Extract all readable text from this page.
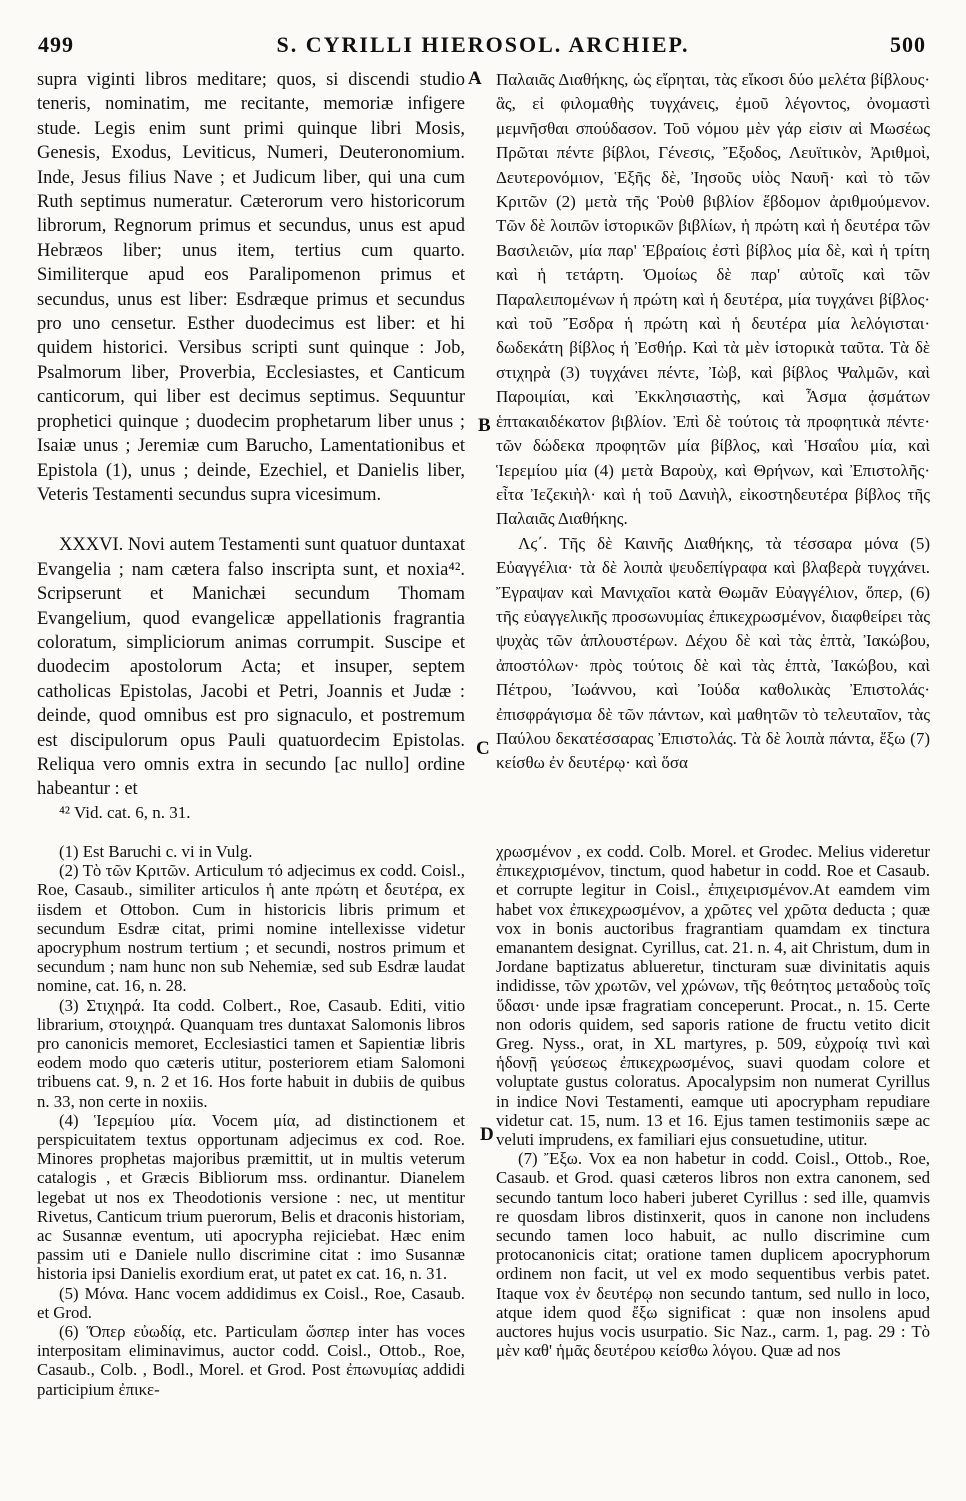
499	S. CYRILLI HIEROSOL. ARCHIEP.	500
A
B
C
D

supra viginti libros meditare; quos, si discendi studio teneris, nominatim, me recitante, memoriæ infigere stude. Legis enim sunt primi quinque libri Mosis, Genesis, Exodus, Leviticus, Numeri, Deuteronomium. Inde, Jesus filius Nave ; et Judicum liber, qui una cum Ruth septimus numeratur. Cæterorum vero historicorum librorum, Regnorum primus et secundus, unus est apud Hebræos liber; unus item, tertius cum quarto. Similiterque apud eos Paralipomenon primus et secundus, unus est liber: Esdræque primus et secundus pro uno censetur. Esther duodecimus est liber: et hi quidem historici. Versibus scripti sunt quinque : Job, Psalmorum liber, Proverbia, Ecclesiastes, et Canticum canticorum, qui liber est decimus septimus. Sequuntur prophetici quinque ; duodecim prophetarum liber unus ; Isaiæ unus ; Jeremiæ cum Barucho, Lamentationibus et Epistola (1), unus ; deinde, Ezechiel, et Danielis liber, Veteris Testamenti secundus supra vicesimum.

XXXVI. Novi autem Testamenti sunt quatuor duntaxat Evangelia ; nam cætera falso inscripta sunt, et noxia⁴². Scripserunt et Manichæi secundum Thomam Evangelium, quod evangelicæ appellationis fragrantia coloratum, simpliciorum animas corrumpit. Suscipe et duodecim apostolorum Acta; et insuper, septem catholicas Epistolas, Jacobi et Petri, Joannis et Judæ : deinde, quod omnibus est pro signaculo, et postremum est discipulorum opus Pauli quatuordecim Epistolas. Reliqua vero omnis extra in secundo [ac nullo] ordine habeantur : et

⁴² Vid. cat. 6, n. 31.

Παλαιᾶς Διαθήκης, ὡς εἴρηται, τὰς εἴκοσι δύο μελέτα βίβλους· ἃς, εἰ φιλομαθὴς τυγχάνεις, ἐμοῦ λέγοντος, ὀνομαστὶ μεμνῆσθαι σπούδασον. Τοῦ νόμου μὲν γάρ εἰσιν αἱ Μωσέως Πρῶται πέντε βίβλοι, Γένεσις, Ἔξοδος, Λευϊτικὸν, Ἀριθμοὶ, Δευτερονόμιον, Ἑξῆς δὲ, Ἰησοῦς υἱὸς Ναυῆ· καὶ τὸ τῶν Κριτῶν (2) μετὰ τῆς Ῥοὺθ βιβλίον ἕβδομον ἀριθμούμενον. Τῶν δὲ λοιπῶν ἱστορικῶν βιβλίων, ἡ πρώτη καὶ ἡ δευτέρα τῶν Βασιλειῶν, μία παρ' Ἑβραίοις ἐστὶ βίβλος μία δὲ, καὶ ἡ τρίτη καὶ ἡ τετάρτη. Ὁμοίως δὲ παρ' αὐτοῖς καὶ τῶν Παραλειπομένων ἡ πρώτη καὶ ἡ δευτέρα, μία τυγχάνει βίβλος· καὶ τοῦ Ἔσδρα ἡ πρώτη καὶ ἡ δευτέρα μία λελόγισται· δωδεκάτη βίβλος ἡ Ἐσθήρ. Καὶ τὰ μὲν ἱστορικὰ ταῦτα. Τὰ δὲ στιχηρὰ (3) τυγχάνει πέντε, Ἰὼβ, καὶ βίβλος Ψαλμῶν, καὶ Παροιμίαι, καὶ Ἐκκλησιαστὴς, καὶ Ἆσμα ᾀσμάτων ἑπτακαιδέκατον βιβλίον. Ἐπὶ δὲ τούτοις τὰ προφητικὰ πέντε· τῶν δώδεκα προφητῶν μία βίβλος, καὶ Ἡσαΐου μία, καὶ Ἱερεμίου μία (4) μετὰ Βαροὺχ, καὶ Θρήνων, καὶ Ἐπιστολῆς· εἶτα Ἰεζεκιὴλ· καὶ ἡ τοῦ Δανιὴλ, εἰκοστηδευτέρα βίβλος τῆς Παλαιᾶς Διαθήκης.

Λϛ΄. Τῆς δὲ Καινῆς Διαθήκης, τὰ τέσσαρα μόνα (5) Εὐαγγέλια· τὰ δὲ λοιπὰ ψευδεπίγραφα καὶ βλαβερὰ τυγχάνει. Ἔγραψαν καὶ Μανιχαῖοι κατὰ Θωμᾶν Εὐαγγέλιον, ὅπερ, (6) τῆς εὐαγγελικῆς προσωνυμίας ἐπικεχρωσμένον, διαφθείρει τὰς ψυχὰς τῶν ἁπλουστέρων. Δέχου δὲ καὶ τὰς ἑπτὰ, Ἰακώβου, ἀποστόλων· πρὸς τούτοις δὲ καὶ τὰς ἑπτὰ, Ἰακώβου, καὶ Πέτρου, Ἰωάννου, καὶ Ἰούδα καθολικὰς Ἐπιστολάς· ἐπισφράγισμα δὲ τῶν πάντων, καὶ μαθητῶν τὸ τελευταῖον, τὰς Παύλου δεκατέσσαρας Ἐπιστολάς. Τὰ δὲ λοιπὰ πάντα, ἔξω (7) κείσθω ἐν δευτέρῳ· καὶ ὅσα

(1) Est Baruchi c. vi in Vulg.

(2) Τὸ τῶν Κριτῶν. Articulum τό adjecimus ex codd. Coisl., Roe, Casaub., similiter articulos ἡ ante πρώτη et δευτέρα, ex iisdem et Ottobon. Cum in historicis libris primum et secundum Esdræ citat, primi nomine intellexisse videtur apocryphum nostrum tertium ; et secundi, nostros primum et secundum ; nam hunc non sub Nehemiæ, sed sub Esdræ laudat nomine, cat. 16, n. 28.

(3) Στιχηρά. Ita codd. Colbert., Roe, Casaub. Editi, vitio librarium, στοιχηρά. Quanquam tres duntaxat Salomonis libros pro canonicis memoret, Ecclesiastici tamen et Sapientiæ libris eodem modo quo cæteris utitur, posteriorem etiam Salomoni tribuens cat. 9, n. 2 et 16. Hos forte habuit in dubiis de quibus n. 33, non certe in noxiis.

(4) Ἱερεμίου μία. Vocem μία, ad distinctionem et perspicuitatem textus opportunam adjecimus ex cod. Roe. Minores prophetas majoribus præmittit, ut in multis veterum catalogis , et Græcis Bibliorum mss. ordinantur. Dianelem legebat ut nos ex Theodotionis versione : nec, ut mentitur Rivetus, Canticum trium puerorum, Belis et draconis historiam, ac Susannæ eventum, uti apocrypha rejiciebat. Hæc enim passim uti e Daniele nullo discrimine citat : imo Susannæ historia ipsi Danielis exordium erat, ut patet ex cat. 16, n. 31.

(5) Μόνα. Hanc vocem addidimus ex Coisl., Roe, Casaub. et Grod.

(6) Ὅπερ εὐωδίᾳ, etc. Particulam ὥσπερ inter has voces interpositam eliminavimus, auctor codd. Coisl., Ottob., Roe, Casaub., Colb. , Bodl., Morel. et Grod. Post ἐπωνυμίας addidi participium ἐπικε-

χρωσμένον , ex codd. Colb. Morel. et Grodec. Melius videretur ἐπικεχρισμένον, tinctum, quod habetur in codd. Roe et Casaub. et corrupte legitur in Coisl., ἐπιχειρισμένον.At eamdem vim habet vox ἐπικεχρωσμένον, a χρῶτες vel χρῶτα deducta ; quæ vox in bonis auctoribus fragrantiam quamdam ex tinctura emanantem designat. Cyrillus, cat. 21. n. 4, ait Christum, dum in Jordane baptizatus ablueretur, tincturam suæ divinitatis aquis indidisse, τῶν χρωτῶν, vel χρώνων, τῆς θεότητος μεταδοὺς τοῖς ὕδασι· unde ipsæ fragratiam conceperunt. Procat., n. 15. Certe non odoris quidem, sed saporis ratione de fructu vetito dicit Greg. Nyss., orat, in XL martyres, p. 509, εὐχροίᾳ τινὶ καὶ ἡδονῇ γεύσεως ἐπικεχρωσμένος, suavi quodam colore et voluptate gustus coloratus. Apocalypsim non numerat Cyrillus in indice Novi Testamenti, eamque uti apocrypham repudiare videtur cat. 15, num. 13 et 16. Ejus tamen testimoniis sæpe ac veluti imprudens, ex familiari ejus consuetudine, utitur.

(7) Ἔξω. Vox ea non habetur in codd. Coisl., Ottob., Roe, Casaub. et Grod. quasi cæteros libros non extra canonem, sed secundo tantum loco haberi juberet Cyrillus : sed ille, quamvis re quosdam libros distinxerit, quos in canone non includens secundo tamen loco habuit, ac nullo discrimine cum protocanonicis citat; oratione tamen duplicem apocryphorum ordinem non facit, ut vel ex modo sequentibus verbis patet. Itaque vox ἐν δευτέρῳ non secundo tantum, sed nullo in loco, atque idem quod ἔξω significat : quæ non insolens apud auctores hujus vocis usurpatio. Sic Naz., carm. 1, pag. 29 : Τὸ μὲν καθ' ἡμᾶς δευτέρου κείσθω λόγου. Quæ ad nos
